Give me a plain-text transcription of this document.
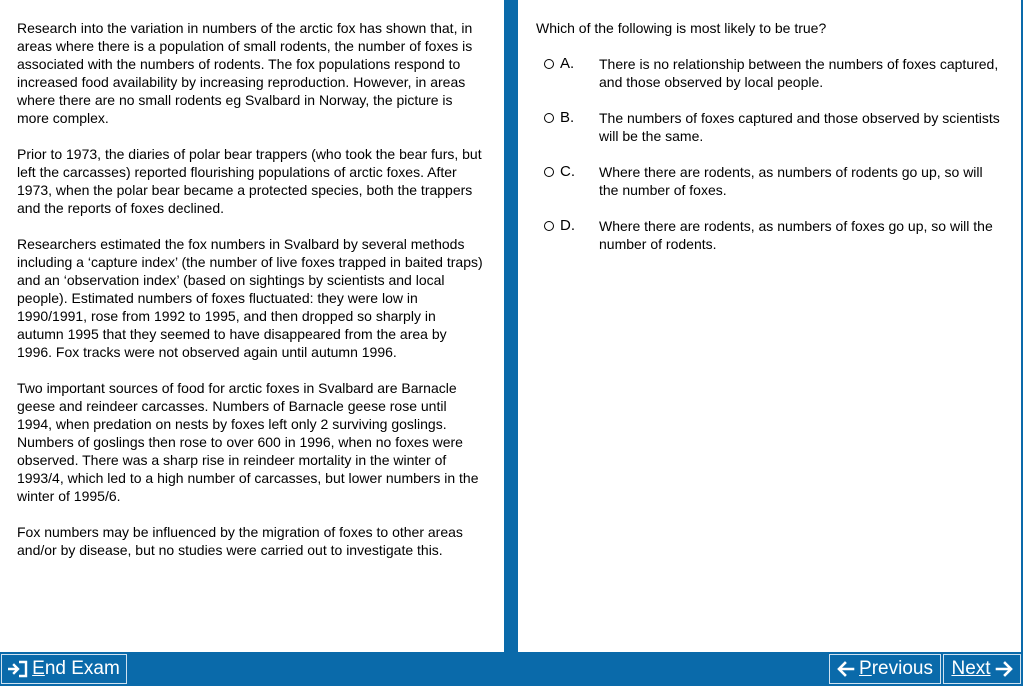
Research into the variation in numbers of the arctic fox has shown that, in areas where there is a population of small rodents, the number of foxes is associated with the numbers of rodents. The fox populations respond to increased food availability by increasing reproduction. However, in areas where there are no small rodents eg Svalbard in Norway, the picture is more complex.

Prior to 1973, the diaries of polar bear trappers (who took the bear furs, but left the carcasses) reported flourishing populations of arctic foxes. After 1973, when the polar bear became a protected species, both the trappers and the reports of foxes declined.

Researchers estimated the fox numbers in Svalbard by several methods including a ‘capture index’ (the number of live foxes trapped in baited traps) and an ‘observation index’ (based on sightings by scientists and local people). Estimated numbers of foxes fluctuated: they were low in 1990/1991, rose from 1992 to 1995, and then dropped so sharply in autumn 1995 that they seemed to have disappeared from the area by 1996. Fox tracks were not observed again until autumn 1996.

Two important sources of food for arctic foxes in Svalbard are Barnacle geese and reindeer carcasses. Numbers of Barnacle geese rose until 1994, when predation on nests by foxes left only 2 surviving goslings. Numbers of goslings then rose to over 600 in 1996, when no foxes were observed. There was a sharp rise in reindeer mortality in the winter of 1993/4, which led to a high number of carcasses, but lower numbers in the winter of 1995/6.

Fox numbers may be influenced by the migration of foxes to other areas and/or by disease, but no studies were carried out to investigate this.

Which of the following is most likely to be true?
A. There is no relationship between the numbers of foxes captured, and those observed by local people.
B. The numbers of foxes captured and those observed by scientists will be the same.
C. Where there are rodents, as numbers of rodents go up, so will the number of foxes.
D. Where there are rodents, as numbers of foxes go up, so will the number of rodents.
E nd Exam	P revious N ext
